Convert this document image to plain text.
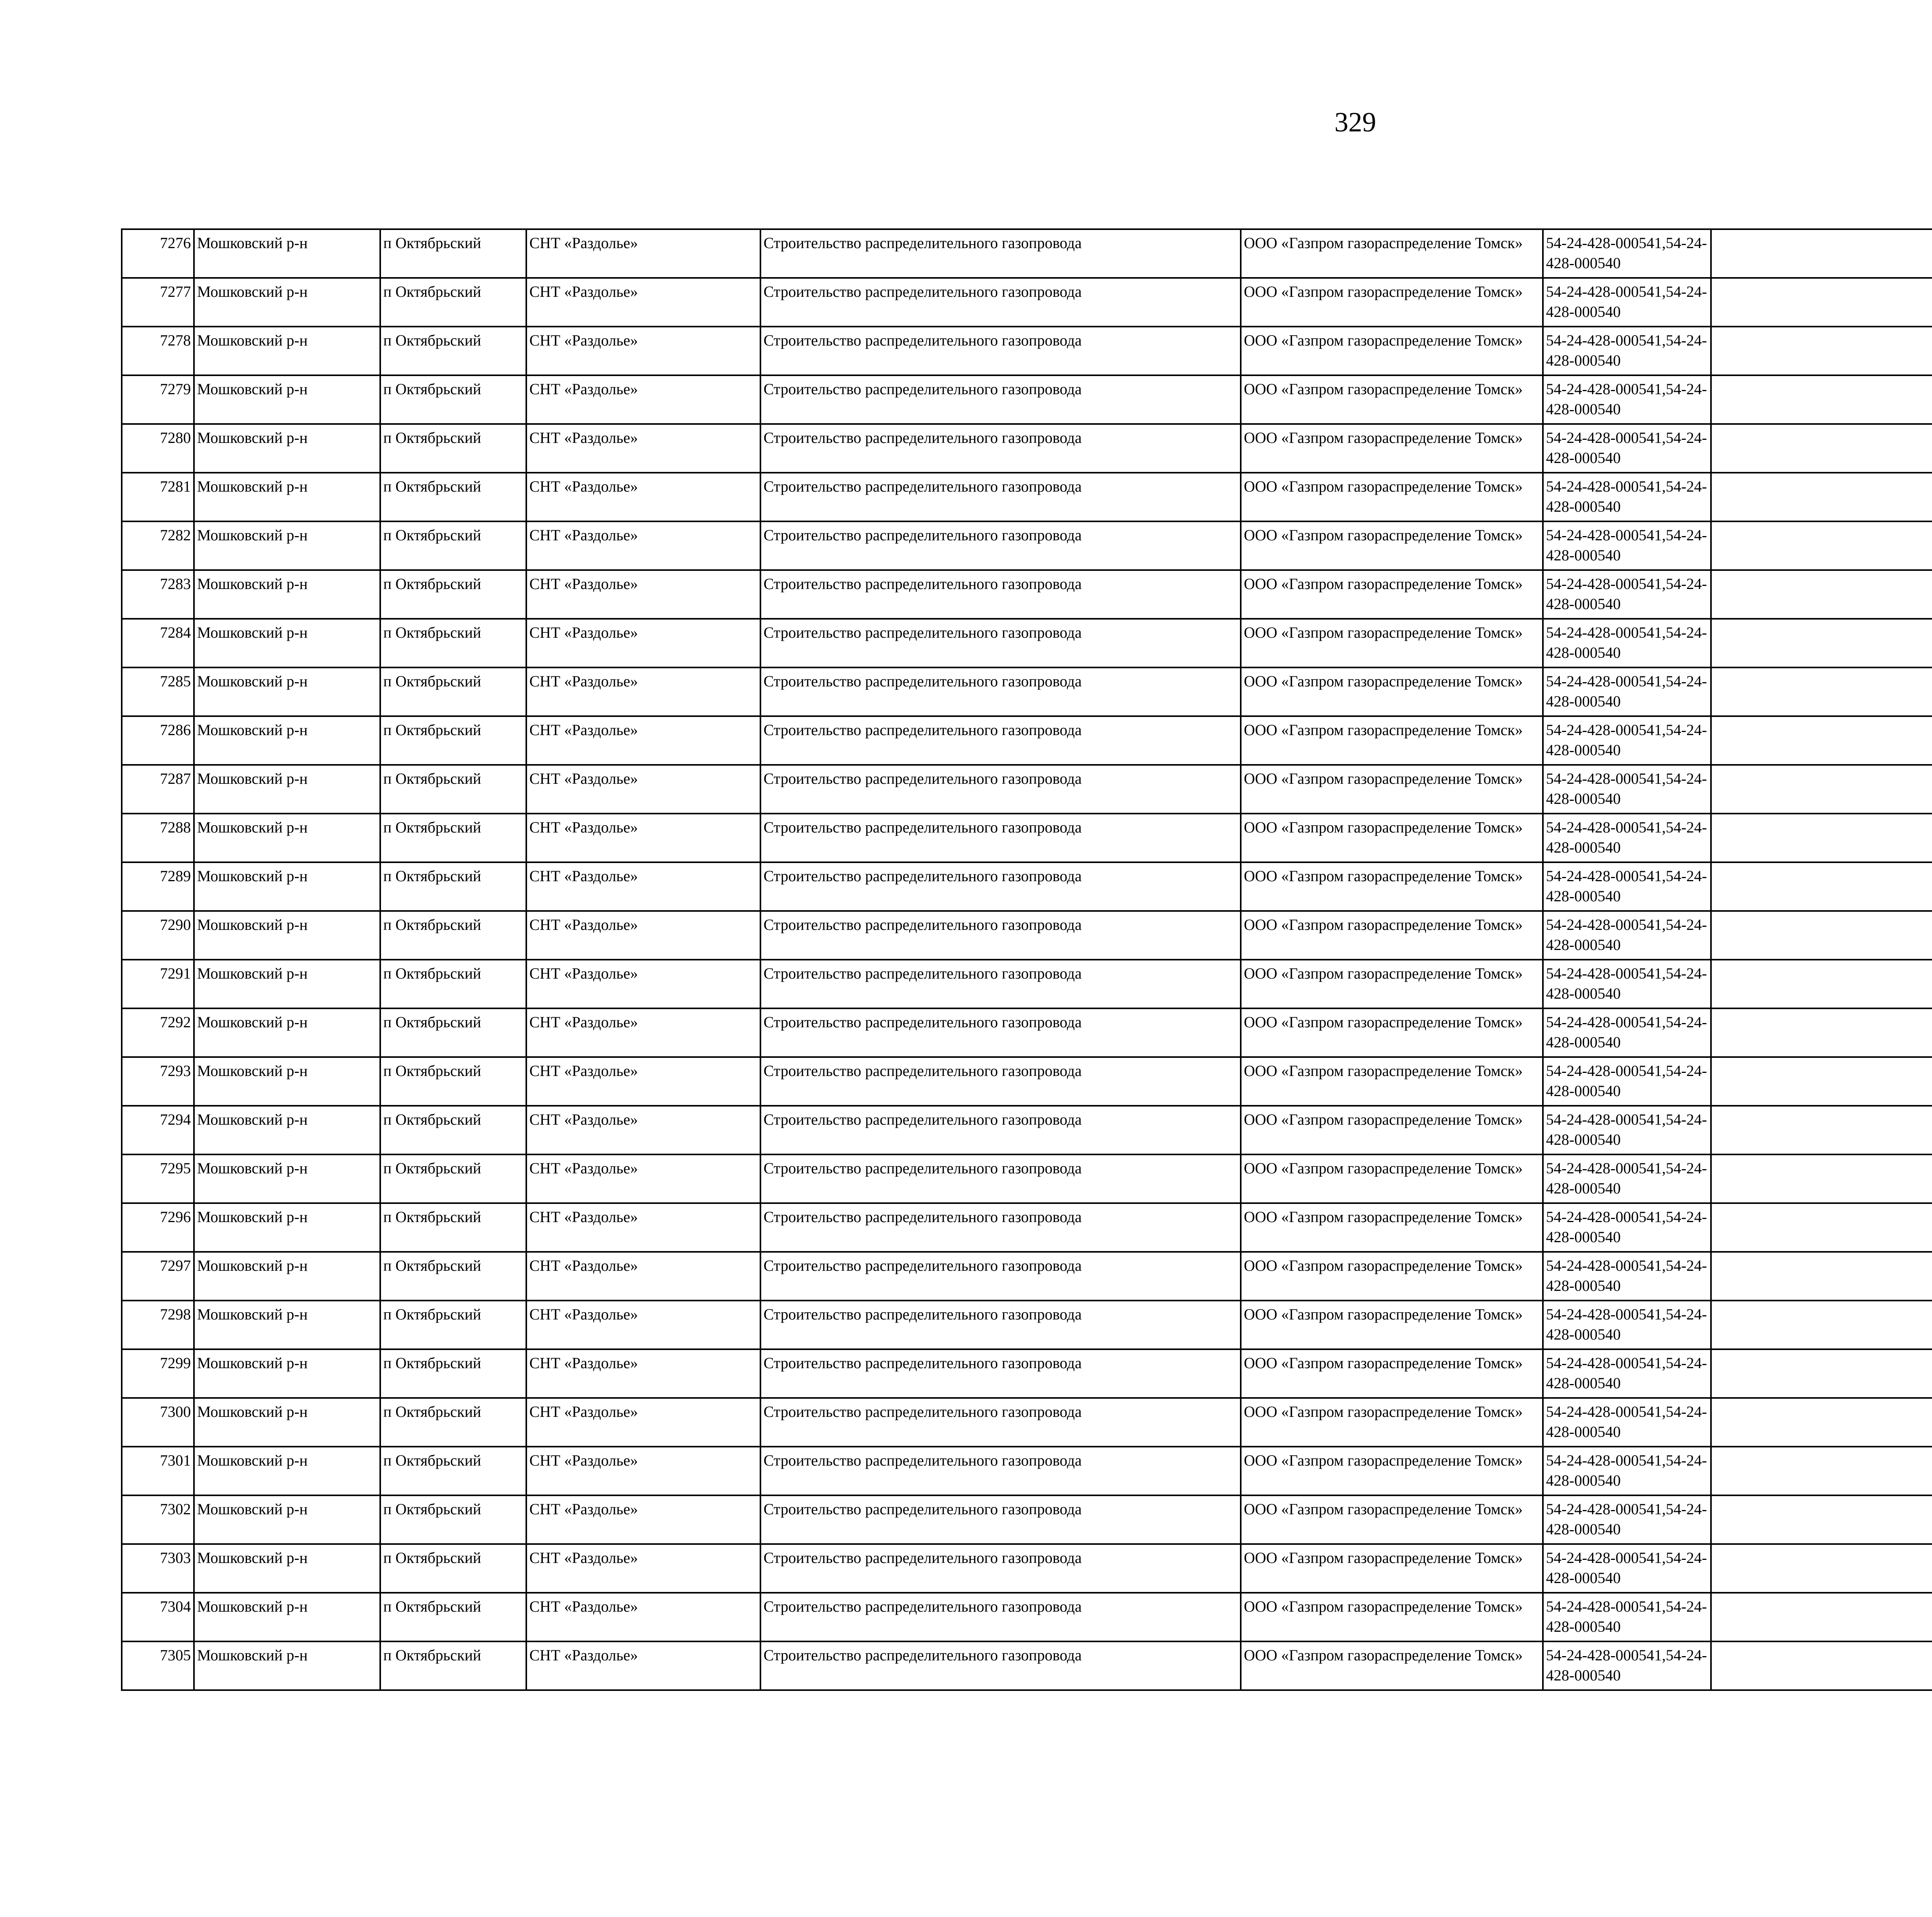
329
7276	Мошковский р-н	п Октябрьский	СНТ «Раздолье»	Строительство распределительного газопровода	ООО «Газпром газораспределение Томск»	54-24-428-000541,54-24-428-000540						
7277	Мошковский р-н	п Октябрьский	СНТ «Раздолье»	Строительство распределительного газопровода	ООО «Газпром газораспределение Томск»	54-24-428-000541,54-24-428-000540						
7278	Мошковский р-н	п Октябрьский	СНТ «Раздолье»	Строительство распределительного газопровода	ООО «Газпром газораспределение Томск»	54-24-428-000541,54-24-428-000540						
7279	Мошковский р-н	п Октябрьский	СНТ «Раздолье»	Строительство распределительного газопровода	ООО «Газпром газораспределение Томск»	54-24-428-000541,54-24-428-000540						
7280	Мошковский р-н	п Октябрьский	СНТ «Раздолье»	Строительство распределительного газопровода	ООО «Газпром газораспределение Томск»	54-24-428-000541,54-24-428-000540						
7281	Мошковский р-н	п Октябрьский	СНТ «Раздолье»	Строительство распределительного газопровода	ООО «Газпром газораспределение Томск»	54-24-428-000541,54-24-428-000540						
7282	Мошковский р-н	п Октябрьский	СНТ «Раздолье»	Строительство распределительного газопровода	ООО «Газпром газораспределение Томск»	54-24-428-000541,54-24-428-000540						
7283	Мошковский р-н	п Октябрьский	СНТ «Раздолье»	Строительство распределительного газопровода	ООО «Газпром газораспределение Томск»	54-24-428-000541,54-24-428-000540						
7284	Мошковский р-н	п Октябрьский	СНТ «Раздолье»	Строительство распределительного газопровода	ООО «Газпром газораспределение Томск»	54-24-428-000541,54-24-428-000540						
7285	Мошковский р-н	п Октябрьский	СНТ «Раздолье»	Строительство распределительного газопровода	ООО «Газпром газораспределение Томск»	54-24-428-000541,54-24-428-000540						
7286	Мошковский р-н	п Октябрьский	СНТ «Раздолье»	Строительство распределительного газопровода	ООО «Газпром газораспределение Томск»	54-24-428-000541,54-24-428-000540						
7287	Мошковский р-н	п Октябрьский	СНТ «Раздолье»	Строительство распределительного газопровода	ООО «Газпром газораспределение Томск»	54-24-428-000541,54-24-428-000540						
7288	Мошковский р-н	п Октябрьский	СНТ «Раздолье»	Строительство распределительного газопровода	ООО «Газпром газораспределение Томск»	54-24-428-000541,54-24-428-000540						
7289	Мошковский р-н	п Октябрьский	СНТ «Раздолье»	Строительство распределительного газопровода	ООО «Газпром газораспределение Томск»	54-24-428-000541,54-24-428-000540						
7290	Мошковский р-н	п Октябрьский	СНТ «Раздолье»	Строительство распределительного газопровода	ООО «Газпром газораспределение Томск»	54-24-428-000541,54-24-428-000540						
7291	Мошковский р-н	п Октябрьский	СНТ «Раздолье»	Строительство распределительного газопровода	ООО «Газпром газораспределение Томск»	54-24-428-000541,54-24-428-000540						
7292	Мошковский р-н	п Октябрьский	СНТ «Раздолье»	Строительство распределительного газопровода	ООО «Газпром газораспределение Томск»	54-24-428-000541,54-24-428-000540						
7293	Мошковский р-н	п Октябрьский	СНТ «Раздолье»	Строительство распределительного газопровода	ООО «Газпром газораспределение Томск»	54-24-428-000541,54-24-428-000540						
7294	Мошковский р-н	п Октябрьский	СНТ «Раздолье»	Строительство распределительного газопровода	ООО «Газпром газораспределение Томск»	54-24-428-000541,54-24-428-000540						
7295	Мошковский р-н	п Октябрьский	СНТ «Раздолье»	Строительство распределительного газопровода	ООО «Газпром газораспределение Томск»	54-24-428-000541,54-24-428-000540						
7296	Мошковский р-н	п Октябрьский	СНТ «Раздолье»	Строительство распределительного газопровода	ООО «Газпром газораспределение Томск»	54-24-428-000541,54-24-428-000540						
7297	Мошковский р-н	п Октябрьский	СНТ «Раздолье»	Строительство распределительного газопровода	ООО «Газпром газораспределение Томск»	54-24-428-000541,54-24-428-000540						
7298	Мошковский р-н	п Октябрьский	СНТ «Раздолье»	Строительство распределительного газопровода	ООО «Газпром газораспределение Томск»	54-24-428-000541,54-24-428-000540						
7299	Мошковский р-н	п Октябрьский	СНТ «Раздолье»	Строительство распределительного газопровода	ООО «Газпром газораспределение Томск»	54-24-428-000541,54-24-428-000540						
7300	Мошковский р-н	п Октябрьский	СНТ «Раздолье»	Строительство распределительного газопровода	ООО «Газпром газораспределение Томск»	54-24-428-000541,54-24-428-000540						
7301	Мошковский р-н	п Октябрьский	СНТ «Раздолье»	Строительство распределительного газопровода	ООО «Газпром газораспределение Томск»	54-24-428-000541,54-24-428-000540						
7302	Мошковский р-н	п Октябрьский	СНТ «Раздолье»	Строительство распределительного газопровода	ООО «Газпром газораспределение Томск»	54-24-428-000541,54-24-428-000540						
7303	Мошковский р-н	п Октябрьский	СНТ «Раздолье»	Строительство распределительного газопровода	ООО «Газпром газораспределение Томск»	54-24-428-000541,54-24-428-000540						
7304	Мошковский р-н	п Октябрьский	СНТ «Раздолье»	Строительство распределительного газопровода	ООО «Газпром газораспределение Томск»	54-24-428-000541,54-24-428-000540						
7305	Мошковский р-н	п Октябрьский	СНТ «Раздолье»	Строительство распределительного газопровода	ООО «Газпром газораспределение Томск»	54-24-428-000541,54-24-428-000540						
